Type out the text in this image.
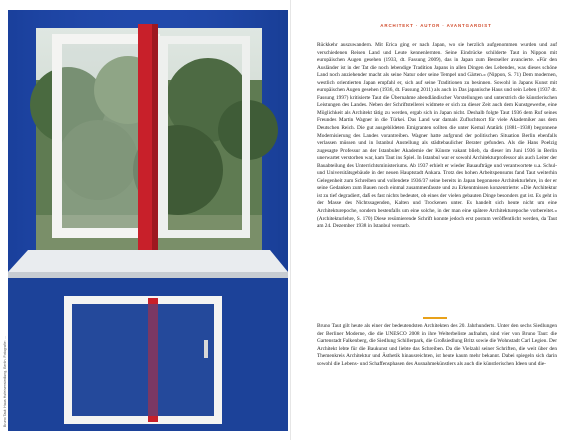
Bruno Taut: Haus Hufeisensiedlung, Berlin. Fotografie: ...
ARCHITEKT · AUTOR · AVANTGARDIST

Rückkehr auszuwandern. Mit Erica ging er nach Japan, wo sie herzlich aufgenommen wurden und auf verschiedenen Reisen Land und Leute kennenlernten. Seine Eindrücke schilderte Taut in Nippon mit europäischen Augen gesehen (1933, dt. Fassung 2009), das in Japan zum Bestseller avancierte. »Für den Ausländer ist in der Tat die noch lebendige Tradition Japans in allen Dingen des Lebendes, was dieses schöne Land noch anziehender macht als seine Natur oder seine Tempel und Gärten.« (Nippon, S. 71) Dem modernen, westlich orientierten Japan empfahl er, sich auf seine Traditionen zu besinnen. Sowohl in Japans Kunst mit europäischen Augen gesehen (1936, dt. Fassung 2011) als auch in Das japanische Haus und sein Leben (1937 dt. Fassung 1997) kritisierte Taut die Übernahme abendländischer Vorstellungen und unterstrich die künstlerischen Leistungen des Landes. Neben der Schriftstellerei widmete er sich zu dieser Zeit auch dem Kunstgewerbe, eine Möglichkeit als Architekt tätig zu werden, ergab sich in Japan nicht. Deshalb folgte Taut 1936 dem Ruf seines Freundes Martin Wagner in die Türkei. Das Land war damals Zufluchtsort für viele Akademiker aus dem Deutschen Reich. Die gut ausgebildeten Emigranten sollten die unter Kemal Atatürk (1881–1938) begonnene Modernisierung des Landes vorantreiben. Wagner hatte aufgrund der politischen Situation Berlin ebenfalls verlassen müssen und in Istanbul Anstellung als städtebaulicher Berater gefunden. Als die Hans Poelzig zugesagte Professur an der Istanbuler Akademie der Künste vakant blieb, da dieser im Juni 1936 in Berlin unerwartet verstorben war, kam Taut ins Spiel. In Istanbul war er sowohl Architekturprofessor als auch Leiter der Bauabteilung des Unterrichtsministeriums. Ab 1937 erhielt er wieder Bauaufträge und verantwortete u.a. Schul- und Universitätsgebäude in der neuen Hauptstadt Ankara. Trotz des hohen Arbeitspensums fand Taut weiterhin Gelegenheit zum Schreiben und vollendete 1936/37 seine bereits in Japan begonnene Architekturlehre, in der er seine Gedanken zum Bauen noch einmal zusammenfasste und zu Erkenntnissen konzentrierte: »Die Architektur ist zu tief degradiert, daß es fast nichts bedeutet, ob eines der vielen gebauten Dinge besonders gut ist. Es geht in der Masse des Nichtssagenden, Kalten und Trockenen unter. Es handelt sich heute nicht um eine Architekturepoche, sondern bestenfalls um eine solche, in der man eine spätere Architekturepoche vorbereitet.« (Architekturlehre, S. 170) Diese resümierende Schrift konnte jedoch erst postum veröffentlicht werden, da Taut am 24. Dezember 1938 in Istanbul verstarb.

Bruno Taut gilt heute als einer der bedeutendsten Architekten des 20. Jahrhunderts. Unter den sechs Siedlungen der Berliner Moderne, die die UNESCO 2008 in ihre Welterbeliste aufnahm, sind vier von Bruno Taut: die Gartenstadt Falkenberg, die Siedlung Schillerpark, die Großsiedlung Britz sowie die Wohnstadt Carl Legien. Der Architekt lebte für die Baukunst und liebte das Schreiben. Da die Vielzahl seiner Schriften, die weit über den Themenkreis Architektur und Ästhetik hinausreichten, ist heute kaum mehr bekannt. Dabei spiegeln sich darin sowohl die Lebens- und Schaffensphasen des Ausnahmekünstlers als auch die künstlerischen Ideen und die-
